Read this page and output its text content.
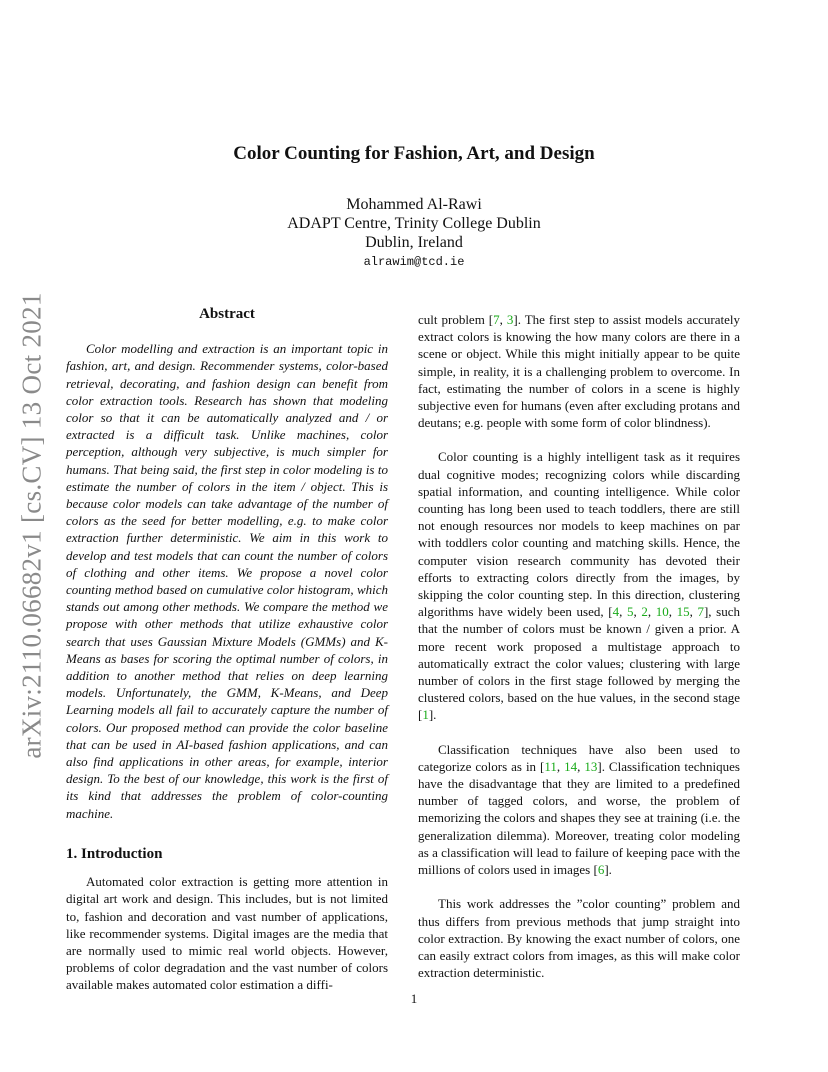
arXiv:2110.06682v1 [cs.CV] 13 Oct 2021
Color Counting for Fashion, Art, and Design
Mohammed Al-Rawi
ADAPT Centre, Trinity College Dublin
Dublin, Ireland
alrawim@tcd.ie
Abstract

Color modelling and extraction is an important topic in fashion, art, and design. Recommender systems, color-based retrieval, decorating, and fashion design can benefit from color extraction tools. Research has shown that modeling color so that it can be automatically analyzed and / or extracted is a difficult task. Unlike machines, color perception, although very subjective, is much simpler for humans. That being said, the first step in color modeling is to estimate the number of colors in the item / object. This is because color models can take advantage of the number of colors as the seed for better modelling, e.g. to make color extraction further deterministic. We aim in this work to develop and test models that can count the number of colors of clothing and other items. We propose a novel color counting method based on cumulative color histogram, which stands out among other methods. We compare the method we propose with other methods that utilize exhaustive color search that uses Gaussian Mixture Models (GMMs) and K-Means as bases for scoring the optimal number of colors, in addition to another method that relies on deep learning models. Unfortunately, the GMM, K-Means, and Deep Learning models all fail to accurately capture the number of colors. Our proposed method can provide the color baseline that can be used in AI-based fashion applications, and can also find applications in other areas, for example, interior design. To the best of our knowledge, this work is the first of its kind that addresses the problem of color-counting machine.

1. Introduction

Automated color extraction is getting more attention in digital art work and design. This includes, but is not limited to, fashion and decoration and vast number of applications, like recommender systems. Digital images are the media that are normally used to mimic real world objects. However, problems of color degradation and the vast number of colors available makes automated color estimation a diffi-

cult problem [7, 3]. The first step to assist models accurately extract colors is knowing the how many colors are there in a scene or object. While this might initially appear to be quite simple, in reality, it is a challenging problem to overcome. In fact, estimating the number of colors in a scene is highly subjective even for humans (even after excluding protans and deutans; e.g. people with some form of color blindness).

Color counting is a highly intelligent task as it requires dual cognitive modes; recognizing colors while discarding spatial information, and counting intelligence. While color counting has long been used to teach toddlers, there are still not enough resources nor models to keep machines on par with toddlers color counting and matching skills. Hence, the computer vision research community has devoted their efforts to extracting colors directly from the images, by skipping the color counting step. In this direction, clustering algorithms have widely been used, [4, 5, 2, 10, 15, 7], such that the number of colors must be known / given a prior. A more recent work proposed a multistage approach to automatically extract the color values; clustering with large number of colors in the first stage followed by merging the clustered colors, based on the hue values, in the second stage [1].

Classification techniques have also been used to categorize colors as in [11, 14, 13]. Classification techniques have the disadvantage that they are limited to a predefined number of tagged colors, and worse, the problem of memorizing the colors and shapes they see at training (i.e. the generalization dilemma). Moreover, treating color modeling as a classification will lead to failure of keeping pace with the millions of colors used in images [6].

This work addresses the ”color counting” problem and thus differs from previous methods that jump straight into color extraction. By knowing the exact number of colors, one can easily extract colors from images, as this will make color extraction deterministic.

1
